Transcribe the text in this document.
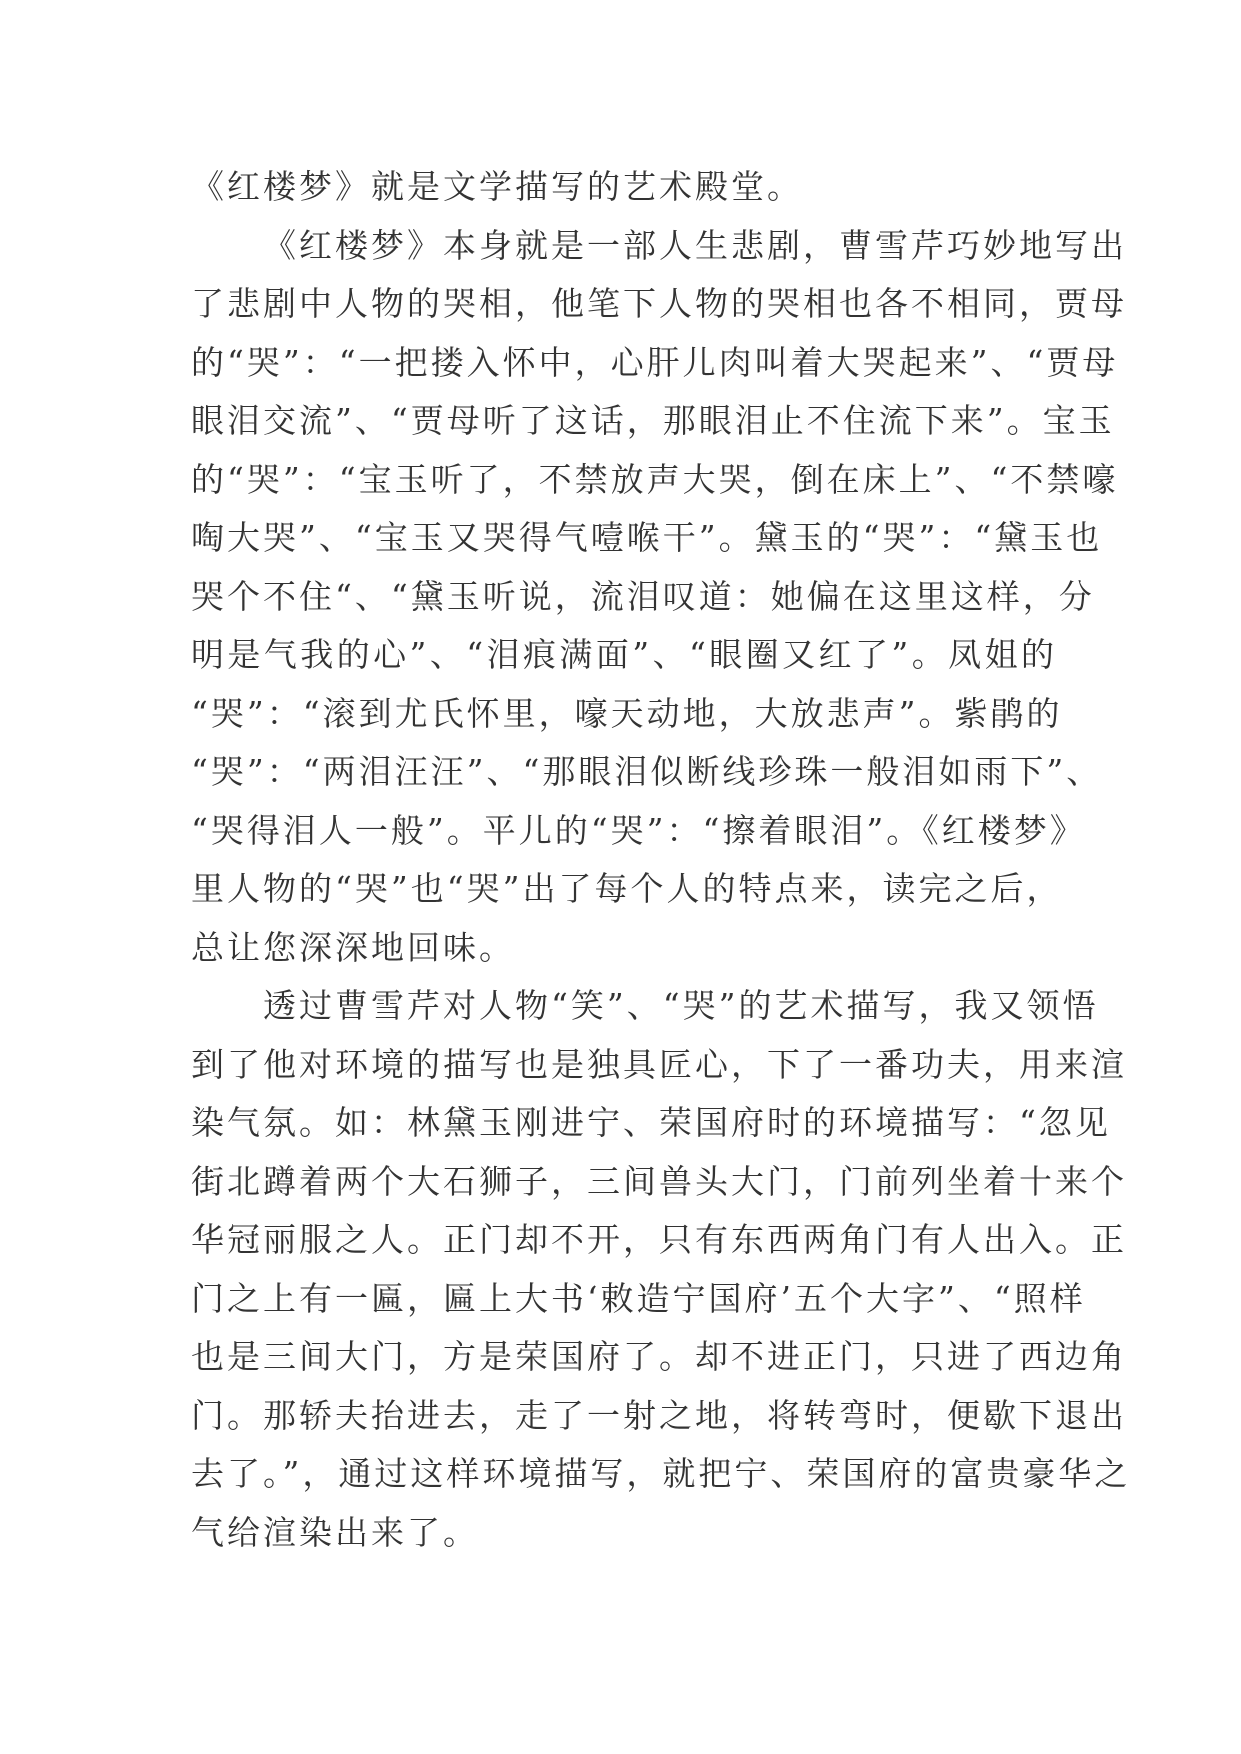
《红楼梦》就是文学描写的艺术殿堂。
《红楼梦》本身就是一部人生悲剧，曹雪芹巧妙地写出
了悲剧中人物的哭相，他笔下人物的哭相也各不相同，贾母
的“哭”：“一把搂入怀中，心肝儿肉叫着大哭起来”、“贾母
眼泪交流”、“贾母听了这话，那眼泪止不住流下来”。宝玉
的“哭”：“宝玉听了，不禁放声大哭，倒在床上”、“不禁嚎
啕大哭”、“宝玉又哭得气噎喉干”。黛玉的“哭”：“黛玉也
哭个不住“、“黛玉听说，流泪叹道：她偏在这里这样，分
明是气我的心”、“泪痕满面”、“眼圈又红了”。凤姐的
“哭”：“滚到尤氏怀里，嚎天动地，大放悲声”。紫鹃的
“哭”：“两泪汪汪”、“那眼泪似断线珍珠一般泪如雨下”、
“哭得泪人一般”。平儿的“哭”：“擦着眼泪”。《红楼梦》
里人物的“哭”也“哭”出了每个人的特点来，读完之后，
总让您深深地回味。
透过曹雪芹对人物“笑”、“哭”的艺术描写，我又领悟
到了他对环境的描写也是独具匠心，下了一番功夫，用来渲
染气氛。如：林黛玉刚进宁、荣国府时的环境描写：“忽见
街北蹲着两个大石狮子，三间兽头大门，门前列坐着十来个
华冠丽服之人。正门却不开，只有东西两角门有人出入。正
门之上有一匾，匾上大书‘敕造宁国府’五个大字”、“照样
也是三间大门，方是荣国府了。却不进正门，只进了西边角
门。那轿夫抬进去，走了一射之地，将转弯时，便歇下退出
去了。”，通过这样环境描写，就把宁、荣国府的富贵豪华之
气给渲染出来了。
